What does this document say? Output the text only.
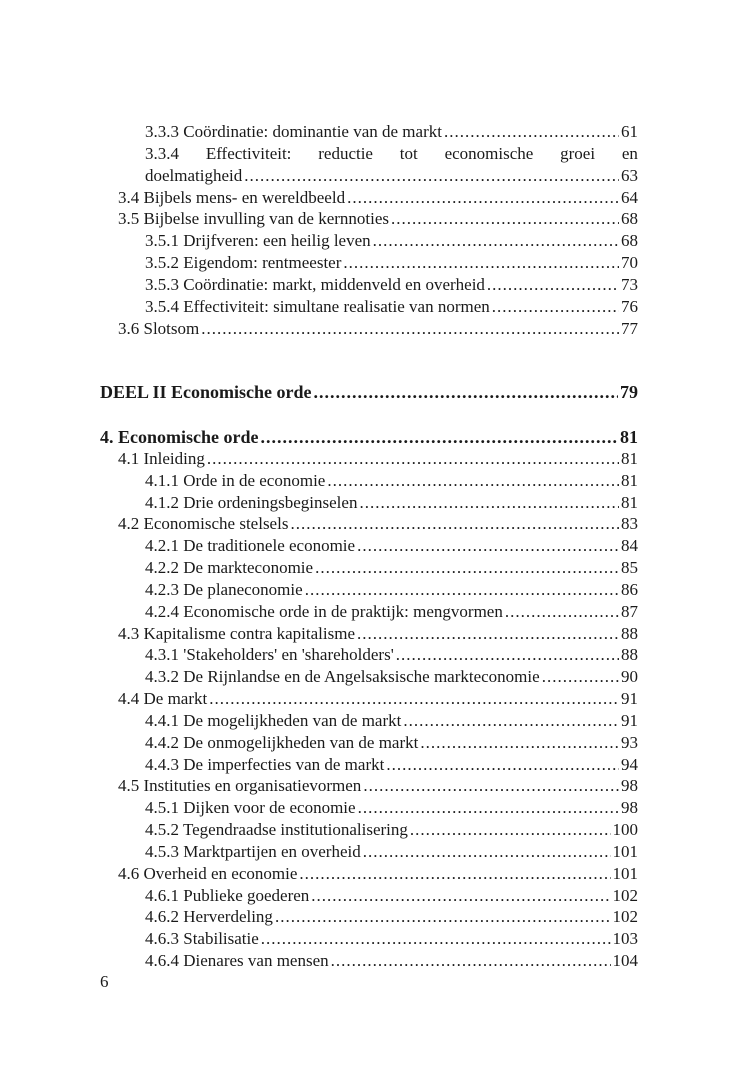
3.3.3 Coördinatie: dominantie van de markt .....	61
3.3.4 Effectiviteit: reductie tot economische groei en
doelmatigheid .....	63
3.4 Bijbels mens- en wereldbeeld .....	64
3.5 Bijbelse invulling van de kernnoties .....	68
3.5.1 Drijfveren: een heilig leven .....	68
3.5.2 Eigendom: rentmeester .....	70
3.5.3 Coördinatie: markt, middenveld en overheid .....	73
3.5.4 Effectiviteit: simultane realisatie van normen .....	76
3.6 Slotsom .....	77
DEEL II Economische orde .....	79
4. Economische orde .....	81
4.1 Inleiding .....	81
4.1.1 Orde in de economie .....	81
4.1.2 Drie ordeningsbeginselen .....	81
4.2 Economische stelsels .....	83
4.2.1 De traditionele economie .....	84
4.2.2 De markteconomie .....	85
4.2.3 De planeconomie .....	86
4.2.4 Economische orde in de praktijk: mengvormen .....	87
4.3 Kapitalisme contra kapitalisme .....	88
4.3.1 'Stakeholders' en 'shareholders' .....	88
4.3.2 De Rijnlandse en de Angelsaksische markteconomie .....	90
4.4 De markt .....	91
4.4.1 De mogelijkheden van de markt .....	91
4.4.2 De onmogelijkheden van de markt .....	93
4.4.3 De imperfecties van de markt .....	94
4.5 Instituties en organisatievormen .....	98
4.5.1 Dijken voor de economie .....	98
4.5.2 Tegendraadse institutionalisering .....	100
4.5.3 Marktpartijen en overheid .....	101
4.6 Overheid en economie .....	101
4.6.1 Publieke goederen .....	102
4.6.2 Herverdeling .....	102
4.6.3 Stabilisatie .....	103
4.6.4 Dienares van mensen .....	104
6
